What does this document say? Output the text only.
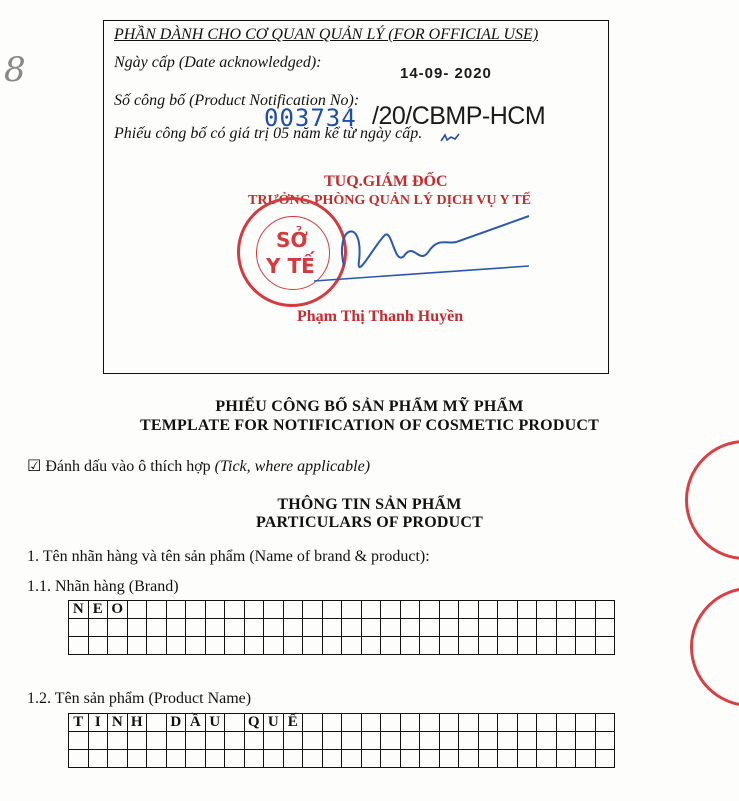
8
PHẦN DÀNH CHO CƠ QUAN QUẢN LÝ (FOR OFFICIAL USE)
Ngày cấp (Date acknowledged):
14-09- 2020
Số công bố (Product Notification No):
003734 /20/CBMP-HCM
Phiếu công bố có giá trị 05 năm kể từ ngày cấp.
TUQ.GIÁM ĐỐC
TRƯỞNG PHÒNG QUẢN LÝ DỊCH VỤ Y TẾ
SỞ
Y TẾ
Phạm Thị Thanh Huyền
PHIẾU CÔNG BỐ SẢN PHẨM MỸ PHẨM
TEMPLATE FOR NOTIFICATION OF COSMETIC PRODUCT
☑ Đánh dấu vào ô thích hợp (Tick, where applicable)
THÔNG TIN SẢN PHẨM
PARTICULARS OF PRODUCT
1. Tên nhãn hàng và tên sản phẩm (Name of brand & product):
1.1. Nhãn hàng (Brand)
N	E	O																									

1.2. Tên sản phẩm (Product Name)
T	I	N	H		D	Ầ	U		Q	U	Ế																
